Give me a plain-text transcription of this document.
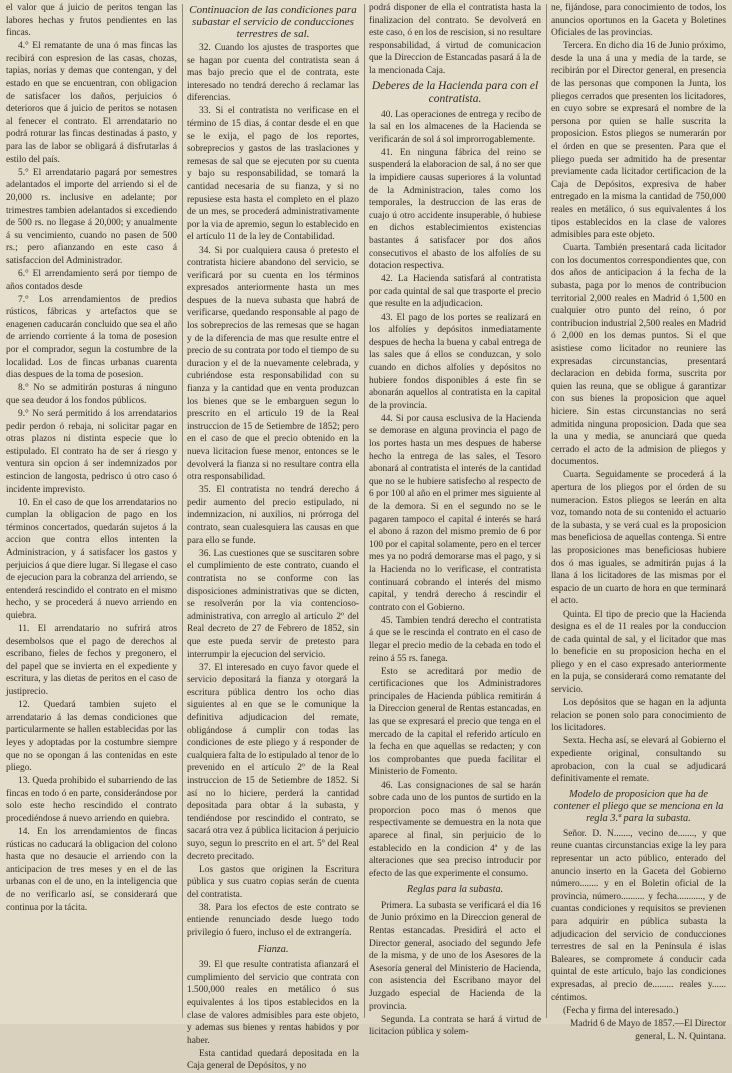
el valor que á juicio de peritos tengan las labores hechas y frutos pendientes en las fincas.
4.° El rematante de una ó mas fincas las recibirá con espresion de las casas, chozas, tapias, norias y demas que contengan, y del estado en que se encuentran, con obligacion de satisfacer los daños, perjuicios ó deterioros que á juicio de peritos se notasen al fenecer el contrato. El arrendatario no podrá roturar las fincas destinadas á pasto, y para las de labor se obligará á disfrutarlas á estilo del país.
5.° El arrendatario pagará por semestres adelantados el importe del arriendo si el de 20,000 rs. inclusive en adelante; por trimestres tambien adelantados si excediendo de 500 rs. no llegase á 20,000; y anualmente á su vencimiento, cuando no pasen de 500 rs.; pero afianzando en este caso á satisfaccion del Administrador.
6.° El arrendamiento será por tiempo de años contados desde
7.° Los arrendamientos de predios rústicos, fábricas y artefactos que se enagenen caducarán concluido que sea el año de arriendo corriente á la toma de posesion por el comprador, segun la costumbre de la localidad. Los de fincas urbanas cuarenta dias despues de la toma de posesion.
8.° No se admitirán posturas á ninguno que sea deudor á los fondos públicos.
9.° No será permitido á los arrendatarios pedir perdon ó rebaja, ni solicitar pagar en otras plazos ni distinta especie que lo estipulado. El contrato ha de ser á riesgo y ventura sin opcion á ser indemnizados por estincion de langosta, pedrisco ú otro caso ó incidente imprevisto.
10. En el caso de que los arrendatarios no cumplan la obligacion de pago en los términos concertados, quedarán sujetos á la accion que contra ellos intenten la Administracion, y á satisfacer los gastos y perjuicios á que diere lugar. Si llegase el caso de ejecucion para la cobranza del arriendo, se entenderá rescindido el contrato en el mismo hecho, y se procederá á nuevo arriendo en quiebra.
11. El arrendatario no sufrirá atros desembolsos que el pago de derechos al escribano, fieles de fechos y pregonero, el del papel que se invierta en el expediente y escritura, y las dietas de peritos en el caso de justiprecio.
12. Quedará tambien sujeto el arrendatario á las demas condiciones que particularmente se hallen establecidas por las leyes y adoptadas por la costumbre siempre que no se opongan á las contenidas en este pliego.
13. Queda prohibido el subarriendo de las fincas en todo ó en parte, considerándose por solo este hecho rescindido el contrato procediéndose á nuevo arriendo en quiebra.
14. En los arrendamientos de fincas rústicas no caducará la obligacion del colono hasta que no desaucie el arriendo con la anticipacion de tres meses y en el de las urbanas con el de uno, en la inteligencia que de no verificarlo así, se considerará que continua por la tácita.
Continuacion de las condiciones para subastar el servicio de conducciones terrestres de sal.
32. Cuando los ajustes de trasportes que se hagan por cuenta del contratista sean á mas bajo precio que el de contrata, este interesado no tendrá derecho á reclamar las diferencias.
33. Si el contratista no verificase en el término de 15 dias, á contar desde el en que se le exija, el pago de los reportes, sobreprecios y gastos de las traslaciones y remesas de sal que se ejecuten por su cuenta y bajo su responsabilidad, se tomará la cantidad necesaria de su fianza, y si no repusiese esta hasta el completo en el plazo de un mes, se procederá administrativamente por la via de apremio, segun lo establecido en el artículo 11 de la ley de Contabilidad.
34. Si por cualquiera causa ó pretesto el contratista hiciere abandono del servicio, se verificará por su cuenta en los términos expresados anteriormente hasta un mes despues de la nueva subasta que habrá de verificarse, quedando responsable al pago de los sobreprecios de las remesas que se hagan y de la diferencia de mas que resulte entre el precio de su contrata por todo el tiempo de su duracion y el de la nuevamente celebrada, y cubriéndose esta responsabilidad con su fianza y la cantidad que en venta produzcan los bienes que se le embarguen segun lo prescrito en el artículo 19 de la Real instruccion de 15 de Setiembre de 1852; pero en el caso de que el precio obtenido en la nueva licitacion fuese menor, entonces se le devolverá la fianza si no resultare contra ella otra responsabilidad.
35. El contratista no tendrá derecho á pedir aumento del precio estipulado, ni indemnizacion, ni auxilios, ni prórroga del contrato, sean cualesquiera las causas en que para ello se funde.
36. Las cuestiones que se suscitaren sobre el cumplimiento de este contrato, cuando el contratista no se conforme con las disposiciones administrativas que se dicten, se resolverán por la via contencioso-administrativa, con arreglo al artículo 2º del Real decreto de 27 de Febrero de 1852, sin que este pueda servir de pretesto para interrumpir la ejecucion del servicio.
37. El interesado en cuyo favor quede el servicio depositará la fianza y otorgará la escritura pública dentro los ocho dias siguientes al en que se le comunique la definitiva adjudicacion del remate, obligándose á cumplir con todas las condiciones de este pliego y á responder de cualquiera falta de lo estipulado al tenor de lo prevenido en el artículo 2º de la Real instruccion de 15 de Setiembre de 1852. Si así no lo hiciere, perderá la cantidad depositada para obtar á la subasta, y tendiéndose por rescindido el contrato, se sacará otra vez á pública licitacion á perjuicio suyo, segun lo prescrito en el art. 5º del Real decreto precitado.
Los gastos que originen la Escritura pública y sus cuatro copias serán de cuenta del contratista.
38. Para los efectos de este contrato se entiende renunciado desde luego todo privilegio ó fuero, incluso el de extrangería.
Fianza.
39. El que resulte contratista afianzará el cumplimiento del servicio que contrata con 1.500,000 reales en metálico ó sus equivalentes á los tipos establecidos en la clase de valores admisibles para este objeto, y ademas sus bienes y rentas habidos y por haber.
Esta cantidad quedará depositada en la Caja general de Depósitos, y no
podrá disponer de ella el contratista hasta la finalizacion del contrato. Se devolverá en este caso, ó en los de rescision, si no resultare responsabilidad, á virtud de comunicacion que la Direccion de Estancadas pasará á la de la mencionada Caja.
Deberes de la Hacienda para con el contratista.
40. Las operaciones de entrega y recibo de la sal en los almacenes de la Hacienda se verificarán de sol á sol improrrogablemente.
41. En ninguna fábrica del reino se suspenderá la elaboracion de sal, á no ser que la impidiere causas superiores á la voluntad de la Administracion, tales como los temporales, la destruccion de las eras de cuajo ú otro accidente insuperable, ó hubiese en dichos establecimientos existencias bastantes á satisfacer por dos años consecutivos el abasto de los alfolíes de su dotacion respectiva.
42. La Hacienda satisfará al contratista por cada quintal de sal que trasporte el precio que resulte en la adjudicacion.
43. El pago de los portes se realizará en los alfolíes y depósitos inmediatamente despues de hecha la buena y cabal entrega de las sales que á ellos se conduzcan, y solo cuando en dichos alfolíes y depósitos no hubiere fondos disponibles á este fin se abonarán aquellos al contratista en la capital de la provincia.
44. Si por causa esclusiva de la Hacienda se demorase en alguna provincia el pago de los portes hasta un mes despues de haberse hecho la entrega de las sales, el Tesoro abonará al contratista el interés de la cantidad que no se le hubiere satisfecho al respecto de 6 por 100 al año en el primer mes siguiente al de la demora. Si en el segundo no se le pagaren tampoco el capital é interés se hará el abono á razon del mismo premio de 6 por 100 por el capital solamente, pero en el tercer mes ya no podrá demorarse mas el pago, y si la Hacienda no lo verificase, el contratista continuará cobrando el interés del mismo capital, y tendrá derecho á rescindir el contrato con el Gobierno.
45. Tambien tendrá derecho el contratista á que se le rescinda el contrato en el caso de llegar el precio medio de la cebada en todo el reino á 55 rs. fanega.
Esto se acreditará por medio de certificaciones que los Administradores principales de Hacienda pública remitirán á la Direccion general de Rentas estancadas, en las que se expresará el precio que tenga en el mercado de la capital el referido artículo en la fecha en que aquellas se redacten; y con los comprobantes que pueda facilitar el Ministerio de Fomento.
46. Las consignaciones de sal se harán sobre cada uno de los puntos de surtido en la proporcion poco mas ó menos que respectivamente se demuestra en la nota que aparece al final, sin perjuicio de lo establecido en la condicion 4ª y de las alteraciones que sea preciso introducir por efecto de las que experimente el consumo.
Reglas para la subasta.
Primera. La subasta se verificará el dia 16 de Junio próximo en la Direccion general de Rentas estancadas. Presidirá el acto el Director general, asociado del segundo Jefe de la misma, y de uno de los Asesores de la Asesoría general del Ministerio de Hacienda, con asistencia del Escribano mayor del Juzgado especial de Hacienda de la provincia.
Segunda. La contrata se hará á virtud de licitacion pública y solem-
ne, fijándose, para conocimiento de todos, los anuncios oportunos en la Gaceta y Boletines Oficiales de las provincias.
Tercera. En dicho dia 16 de Junio próximo, desde la una á una y media de la tarde, se recibirán por el Director general, en presencia de las personas que componen la Junta, los pliegos cerrados que presenten los licitadores, en cuyo sobre se expresará el nombre de la persona por quien se halle suscrita la proposicion. Estos pliegos se numerarán por el órden en que se presenten. Para que el pliego pueda ser admitido ha de presentar previamente cada licitador certificacion de la Caja de Depósitos, expresiva de haber entregado en la misma la cantidad de 750,000 reales en metálico, ó sus equivalentes á los tipos establecidos en la clase de valores admisibles para este objeto.
Cuarta. También presentará cada licitador con los documentos correspondientes que, con dos años de anticipacion á la fecha de la subasta, paga por lo menos de contribucion territorial 2,000 reales en Madrid ó 1,500 en cualquier otro punto del reino, ó por contribucion industrial 2,500 reales en Madrid ó 2,000 en los demas puntos. Si el que asistiese como licitador no reuniere las expresadas circunstancias, presentará declaracion en debida forma, suscrita por quien las reuna, que se obligue á garantizar con sus bienes la proposicion que aquel hiciere. Sin estas circunstancias no será admitida ninguna proposicion. Dada que sea la una y media, se anunciará que queda cerrado el acto de la admision de pliegos y documentos.
Cuarta. Seguidamente se procederá á la apertura de los pliegos por el órden de su numeracion. Estos pliegos se leerán en alta voz, tomando nota de su contenido el actuario de la subasta, y se verá cual es la proposicion mas beneficiosa de aquellas contenga. Si entre las proposiciones mas beneficiosas hubiere dos ó mas iguales, se admitirán pujas á la llana á los licitadores de las mismas por el espacio de un cuarto de hora en que terminará el acto.
Quinta. El tipo de precio que la Hacienda designa es el de 11 reales por la conduccion de cada quintal de sal, y el licitador que mas lo beneficie en su proposicion hecha en el pliego y en el caso expresado anteriormente en la puja, se considerará como rematante del servicio.
Los depósitos que se hagan en la adjunta relacion se ponen solo para conocimiento de los licitadores.
Sexta. Hecha así, se elevará al Gobierno el expediente original, consultando su aprobacion, con la cual se adjudicará definitivamente el remate.
Modelo de proposicion que ha de contener el pliego que se menciona en la regla 3.ª para la subasta.
Señor. D. N......., vecino de......., y que reune cuantas circunstancias exige la ley para representar un acto público, enterado del anuncio inserto en la Gaceta del Gobierno número........ y en el Boletin oficial de la provincia, número.......... y fecha..........., y de cuantas condiciones y requisitos se previenen para adquirir en pública subasta la adjudicacion del servicio de conducciones terrestres de sal en la Península é islas Baleares, se compromete á conducir cada quintal de este artículo, bajo las condiciones expresadas, al precio de......... reales y...... céntimos.
(Fecha y firma del interesado.)
Madrid 6 de Mayo de 1857.—El Director general, L. N. Quintana.
